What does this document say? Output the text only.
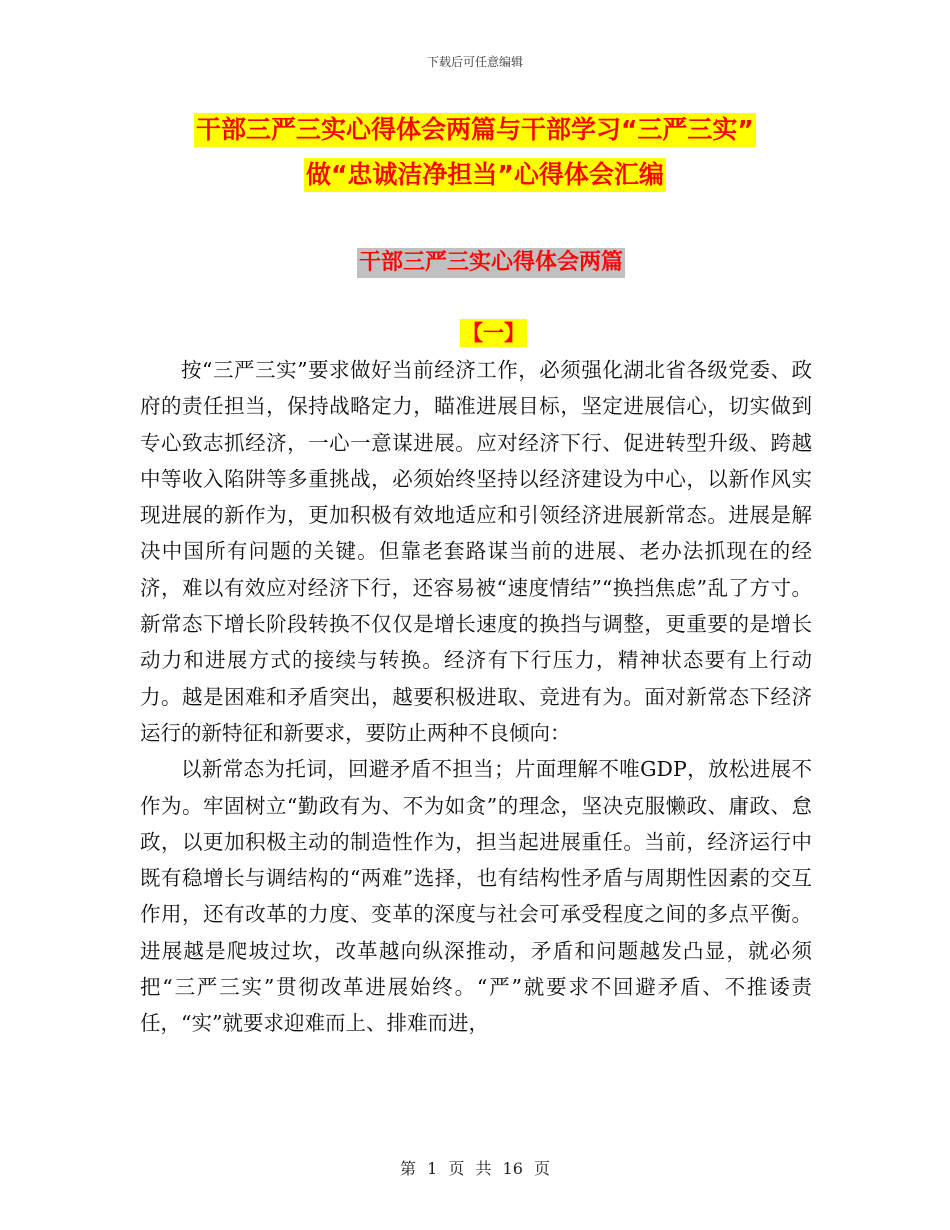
下载后可任意编辑
干部三严三实心得体会两篇与干部学习“三严三实”
做“忠诚洁净担当”心得体会汇编
干部三严三实心得体会两篇
【一】

按“三严三实”要求做好当前经济工作，必须强化湖北省各级党委、政府的责任担当，保持战略定力，瞄准进展目标，坚定进展信心，切实做到专心致志抓经济，一心一意谋进展。应对经济下行、促进转型升级、跨越中等收入陷阱等多重挑战，必须始终坚持以经济建设为中心，以新作风实现进展的新作为，更加积极有效地适应和引领经济进展新常态。进展是解决中国所有问题的关键。但靠老套路谋当前的进展、老办法抓现在的经济，难以有效应对经济下行，还容易被“速度情结”“换挡焦虑”乱了方寸。新常态下增长阶段转换不仅仅是增长速度的换挡与调整，更重要的是增长动力和进展方式的接续与转换。经济有下行压力，精神状态要有上行动力。越是困难和矛盾突出，越要积极进取、竞进有为。面对新常态下经济运行的新特征和新要求，要防止两种不良倾向：

以新常态为托词，回避矛盾不担当；片面理解不唯GDP，放松进展不作为。牢固树立“勤政有为、不为如贪”的理念，坚决克服懒政、庸政、怠政，以更加积极主动的制造性作为，担当起进展重任。当前，经济运行中既有稳增长与调结构的“两难”选择，也有结构性矛盾与周期性因素的交互作用，还有改革的力度、变革的深度与社会可承受程度之间的多点平衡。进展越是爬坡过坎，改革越向纵深推动，矛盾和问题越发凸显，就必须把“三严三实”贯彻改革进展始终。“严”就要求不回避矛盾、不推诿责任，“实”就要求迎难而上、排难而进，

第 1 页 共 16 页
